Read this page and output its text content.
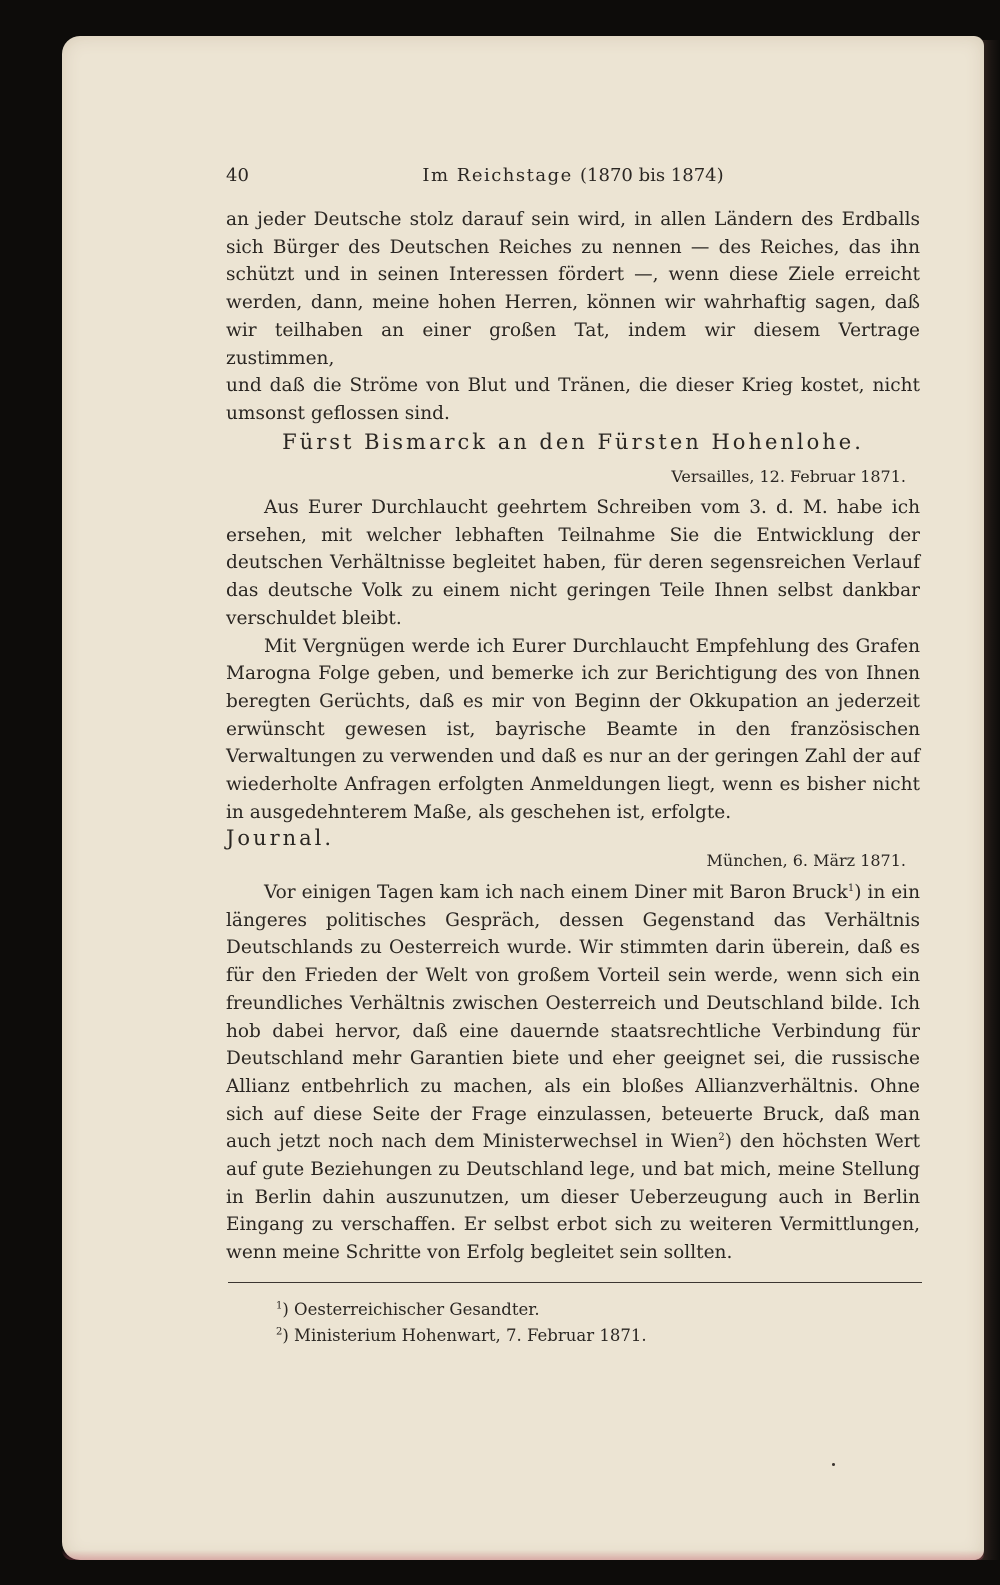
40	Im Reichstage (1870 bis 1874)

an jeder Deutsche stolz darauf sein wird, in allen Ländern des Erdballs

sich Bürger des Deutschen Reiches zu nennen — des Reiches, das ihn

schützt und in seinen Interessen fördert —, wenn diese Ziele erreicht

werden, dann, meine hohen Herren, können wir wahrhaftig sagen, daß

wir teilhaben an einer großen Tat, indem wir diesem Vertrage zustimmen,

und daß die Ströme von Blut und Tränen, die dieser Krieg kostet, nicht

umsonst geflossen sind.

Fürst Bismarck an den Fürsten Hohenlohe.
Versailles, 12. Februar 1871.

Aus Eurer Durchlaucht geehrtem Schreiben vom 3. d. M. habe ich ersehen, mit welcher lebhaften Teilnahme Sie die Entwicklung der deutschen Verhältnisse begleitet haben, für deren segensreichen Verlauf das deutsche Volk zu einem nicht geringen Teile Ihnen selbst dankbar verschuldet bleibt.

Mit Vergnügen werde ich Eurer Durchlaucht Empfehlung des Grafen Marogna Folge geben, und bemerke ich zur Berichtigung des von Ihnen beregten Gerüchts, daß es mir von Beginn der Okkupation an jederzeit erwünscht gewesen ist, bayrische Beamte in den französischen Verwaltungen zu verwenden und daß es nur an der geringen Zahl der auf wiederholte Anfragen erfolgten Anmeldungen liegt, wenn es bisher nicht in ausgedehnterem Maße, als geschehen ist, erfolgte.

Journal.
München, 6. März 1871.

Vor einigen Tagen kam ich nach einem Diner mit Baron Bruck$^1$) in ein längeres politisches Gespräch, dessen Gegenstand das Verhältnis Deutschlands zu Oesterreich wurde. Wir stimmten darin überein, daß es für den Frieden der Welt von großem Vorteil sein werde, wenn sich ein freundliches Verhältnis zwischen Oesterreich und Deutschland bilde. Ich hob dabei hervor, daß eine dauernde staatsrechtliche Verbindung für Deutschland mehr Garantien biete und eher geeignet sei, die russische Allianz entbehrlich zu machen, als ein bloßes Allianzverhältnis. Ohne sich auf diese Seite der Frage einzulassen, beteuerte Bruck, daß man auch jetzt noch nach dem Ministerwechsel in Wien$^2$) den höchsten Wert auf gute Beziehungen zu Deutschland lege, und bat mich, meine Stellung in Berlin dahin auszunutzen, um dieser Ueberzeugung auch in Berlin Eingang zu verschaffen. Er selbst erbot sich zu weiteren Vermittlungen, wenn meine Schritte von Erfolg begleitet sein sollten.

$^1$) Oesterreichischer Gesandter.
$^2$) Ministerium Hohenwart, 7. Februar 1871.
